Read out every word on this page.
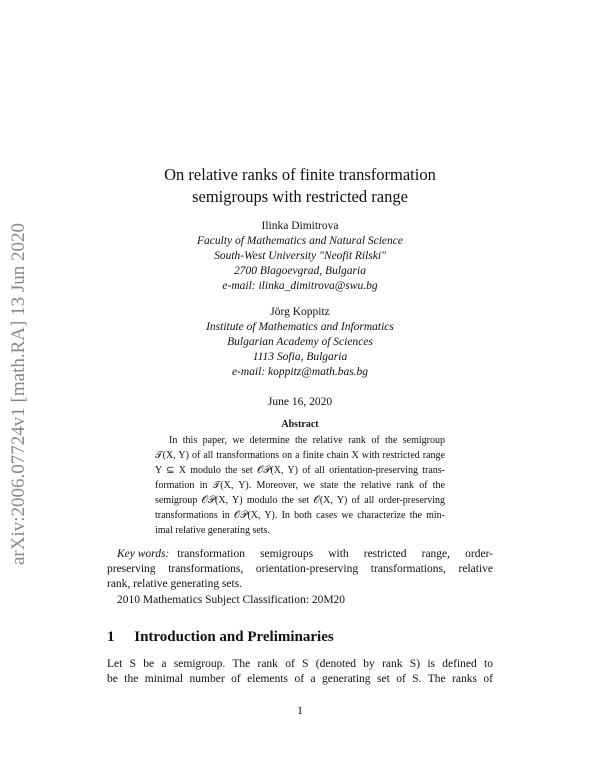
arXiv:2006.07724v1 [math.RA] 13 Jun 2020
On relative ranks of finite transformation
semigroups with restricted range
Ilinka Dimitrova
Faculty of Mathematics and Natural Science
South-West University "Neofit Rilski"
2700 Blagoevgrad, Bulgaria
e-mail: ilinka_dimitrova@swu.bg
Jörg Koppitz
Institute of Mathematics and Informatics
Bulgarian Academy of Sciences
1113 Sofia, Bulgaria
e-mail: koppitz@math.bas.bg
June 16, 2020
Abstract
In this paper, we determine the relative rank of the semigroup
𝒯(X, Y) of all transformations on a finite chain X with restricted range
Y ⊆ X modulo the set 𝒪𝒫(X, Y) of all orientation-preserving trans-
formation in 𝒯(X, Y). Moreover, we state the relative rank of the
semigroup 𝒪𝒫(X, Y) modulo the set 𝒪(X, Y) of all order-preserving
transformations in 𝒪𝒫(X, Y). In both cases we characterize the min-
imal relative generating sets.
Key words: transformation semigroups with restricted range, order-
preserving transformations, orientation-preserving transformations, relative
rank, relative generating sets.
2010 Mathematics Subject Classification: 20M20
1 Introduction and Preliminaries
Let S be a semigroup. The rank of S (denoted by rank S) is defined to
be the minimal number of elements of a generating set of S. The ranks of
1
